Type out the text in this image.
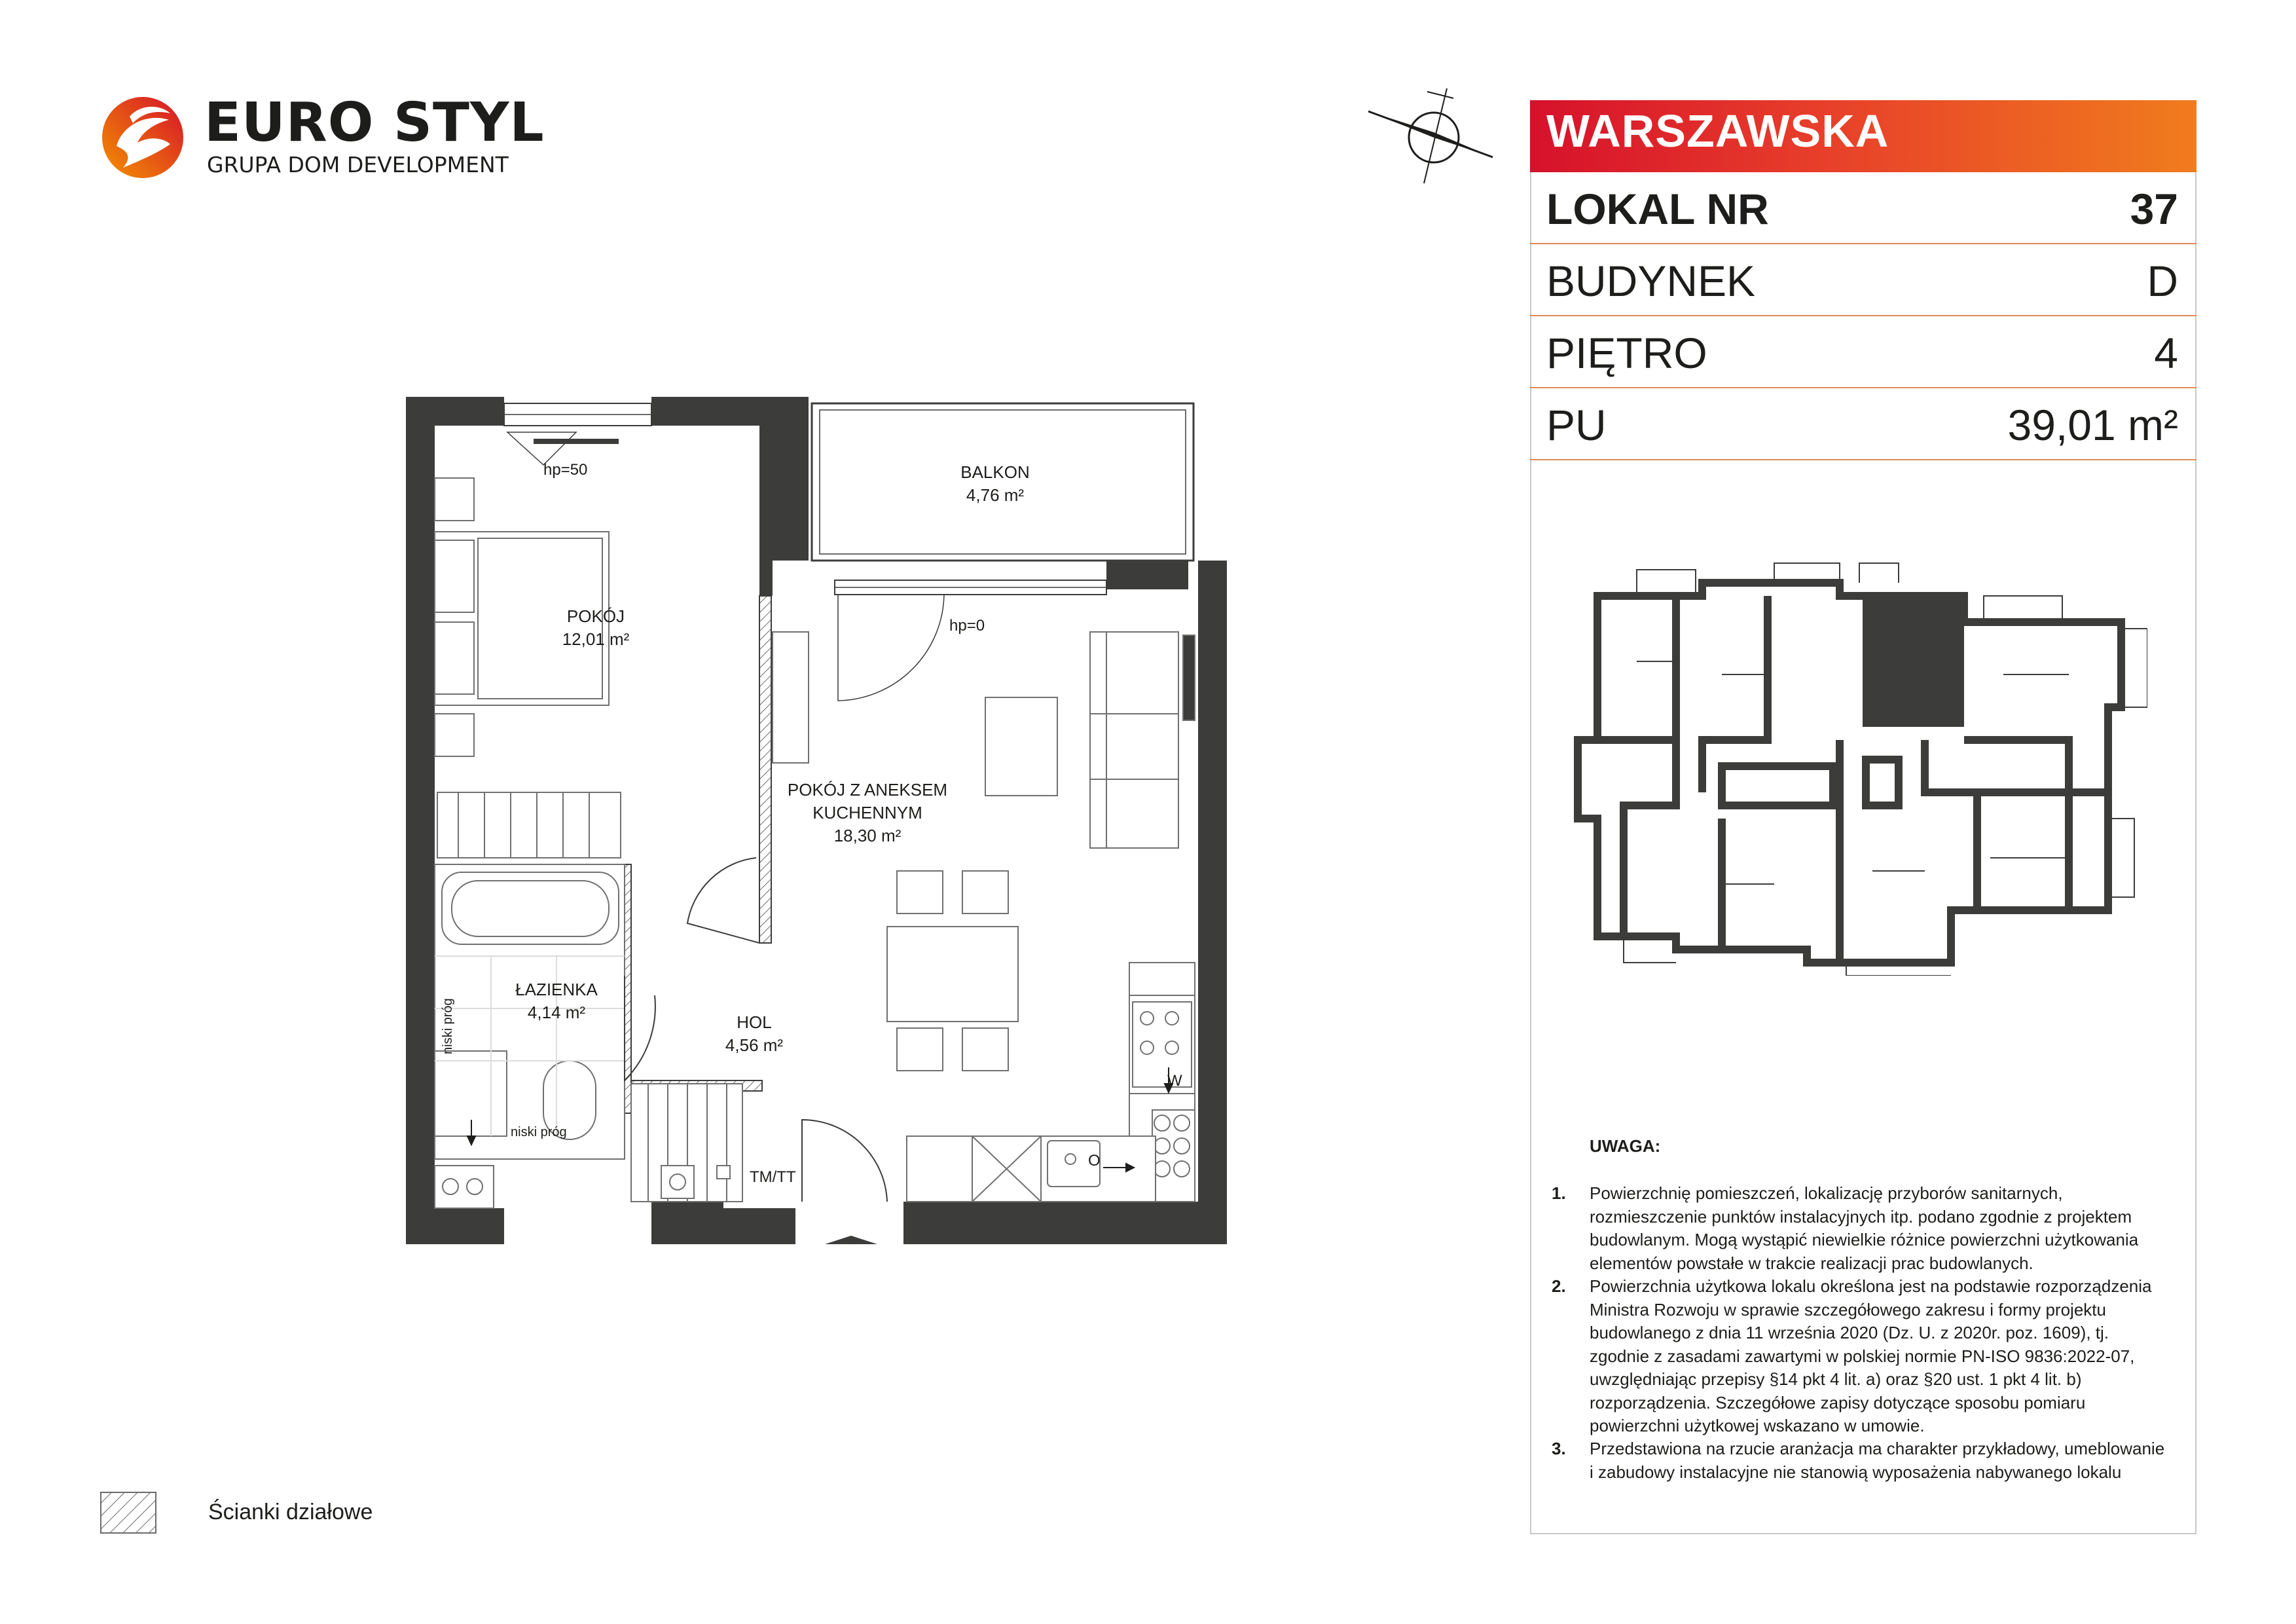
EURO STYL
GRUPA DOM DEVELOPMENT
WARSZAWSKA
LOKAL NR	37
BUDYNEK	D
PIĘTRO	4
PU	39,01 m²
UWAGA:
1. Powierzchnię pomieszczeń, lokalizację przyborów sanitarnych, rozmieszczenie punktów instalacyjnych itp. podano zgodnie z projektem budowlanym. Mogą wystąpić niewielkie różnice powierzchni użytkowania elementów powstałe w trakcie realizacji prac budowlanych.
2. Powierzchnia użytkowa lokalu określona jest na podstawie rozporządzenia Ministra Rozwoju w sprawie szczegółowego zakresu i formy projektu budowlanego z dnia 11 września 2020 (Dz. U. z 2020r. poz. 1609), tj. zgodnie z zasadami zawartymi w polskiej normie PN-ISO 9836:2022-07, uwzględniając przepisy §14 pkt 4 lit. a) oraz §20 ust. 1 pkt 4 lit. b) rozporządzenia. Szczegółowe zapisy dotyczące sposobu pomiaru powierzchni użytkowej wskazano w umowie.
3. Przedstawiona na rzucie aranżacja ma charakter przykładowy, umeblowanie i zabudowy instalacyjne nie stanowią wyposażenia nabywanego lokalu
BALKON
4,76 m²
POKÓJ
12,01 m²
POKÓJ Z ANEKSEM
KUCHENNYM
18,30 m²
ŁAZIENKA
4,14 m²	HOL
4,56 m²
hp=50
hp=0
niski próg
TM/TT
W
O
niski próg
Ścianki działowe
